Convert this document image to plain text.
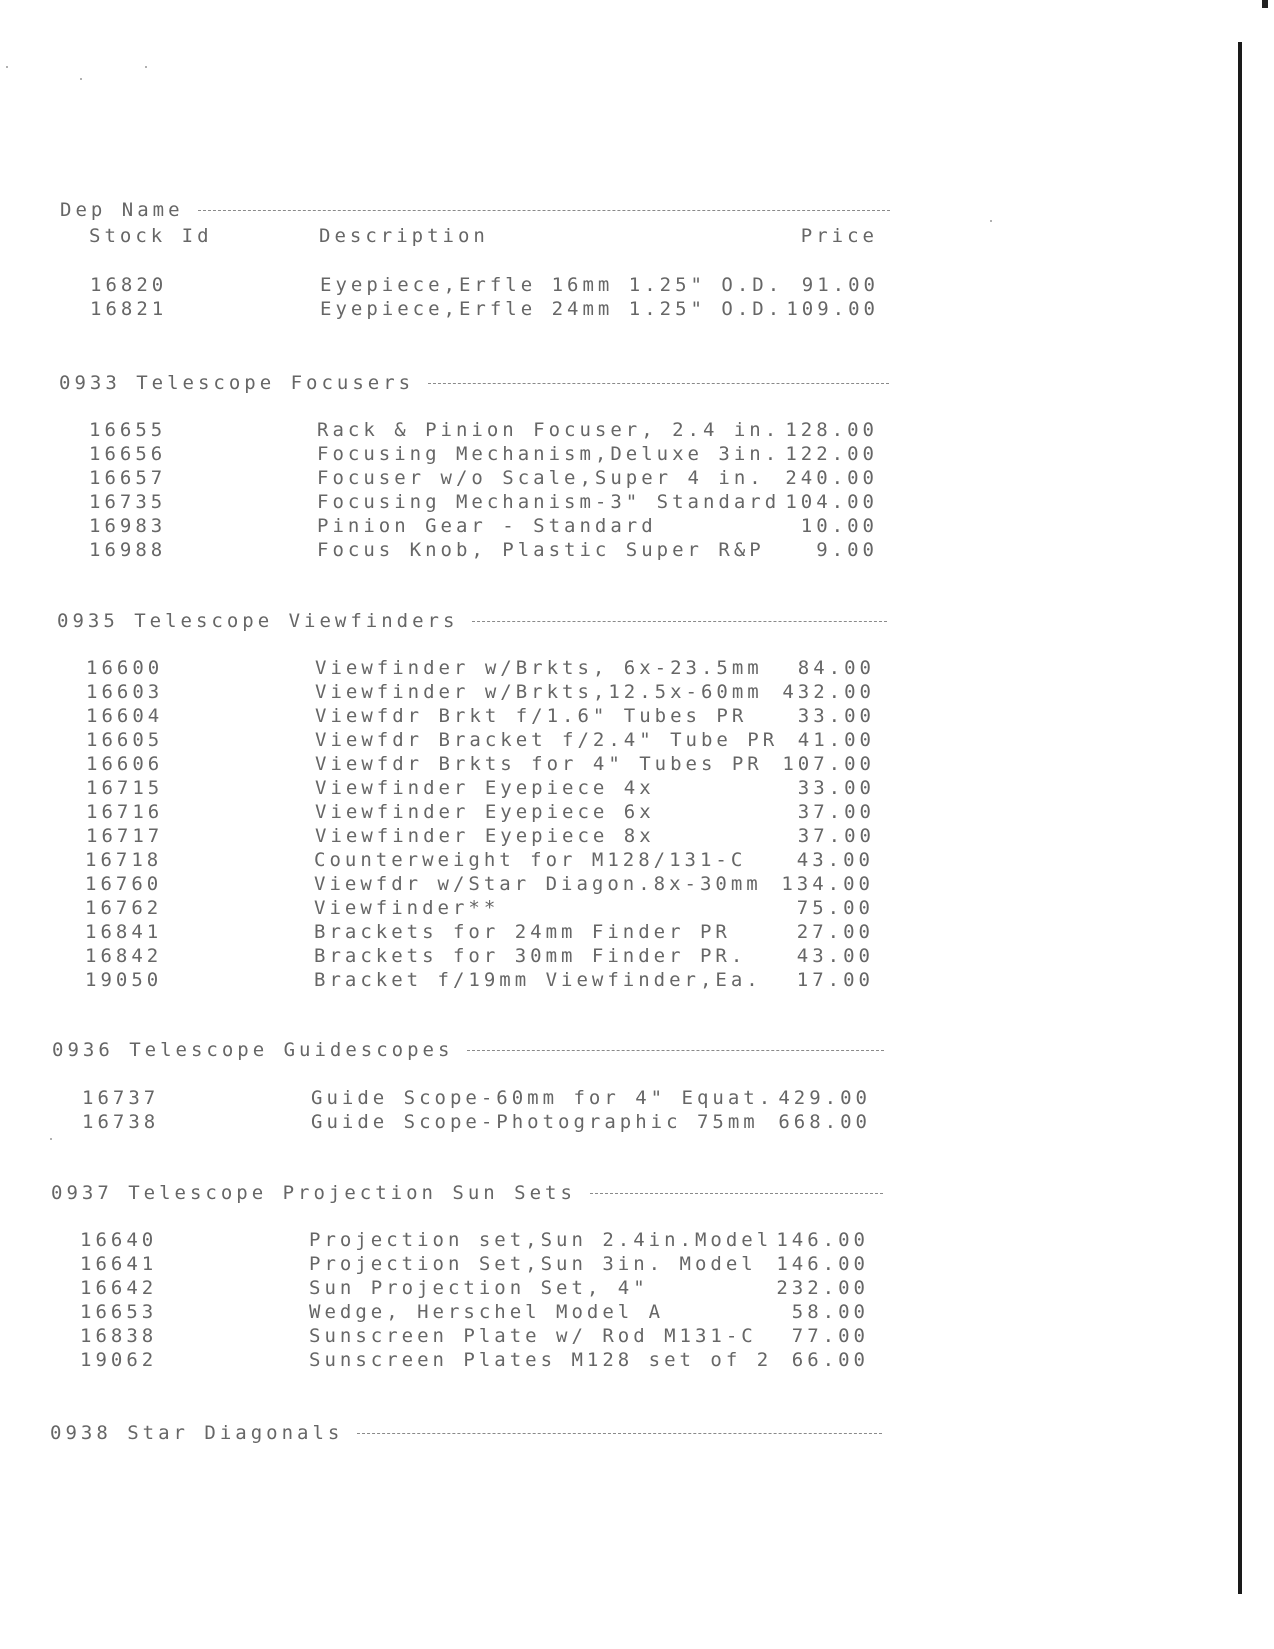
Dep Name
Stock Id	Description	Price
16820	Eyepiece,Erfle 16mm 1.25" O.D. 91.00
16821	Eyepiece,Erfle 24mm 1.25" O.D. 109.00
0933 Telescope Focusers
16655	Rack & Pinion Focuser, 2.4 in. 128.00
16656	Focusing Mechanism,Deluxe 3in. 122.00
16657	Focuser w/o Scale,Super 4 in. 240.00
16735	Focusing Mechanism-3" Standard 104.00
16983	Pinion Gear - Standard	10.00
16988	Focus Knob, Plastic Super R&P	9.00
0935 Telescope Viewfinders
16600	Viewfinder w/Brkts, 6x-23.5mm 84.00
16603	Viewfinder w/Brkts,12.5x-60mm 432.00
16604	Viewfdr Brkt f/1.6" Tubes PR	33.00
16605	Viewfdr Bracket f/2.4" Tube PR 41.00
16606	Viewfdr Brkts for 4" Tubes PR 107.00
16715	Viewfinder Eyepiece 4x	33.00
16716	Viewfinder Eyepiece 6x	37.00
16717	Viewfinder Eyepiece 8x	37.00
16718	Counterweight for M128/131-C	43.00
16760	Viewfdr w/Star Diagon.8x-30mm 134.00
16762	Viewfinder**	75.00
16841	Brackets for 24mm Finder PR	27.00
16842	Brackets for 30mm Finder PR.	43.00
19050	Bracket f/19mm Viewfinder,Ea. 17.00
0936 Telescope Guidescopes
16737	Guide Scope-60mm for 4" Equat. 429.00
16738	Guide Scope-Photographic 75mm 668.00
0937 Telescope Projection Sun Sets
16640	Projection set,Sun 2.4in.Model 146.00
16641	Projection Set,Sun 3in. Model 146.00
16642	Sun Projection Set, 4"	232.00
16653	Wedge, Herschel Model A	58.00
16838	Sunscreen Plate w/ Rod M131-C 77.00
19062	Sunscreen Plates M128 set of 2 66.00
0938 Star Diagonals
